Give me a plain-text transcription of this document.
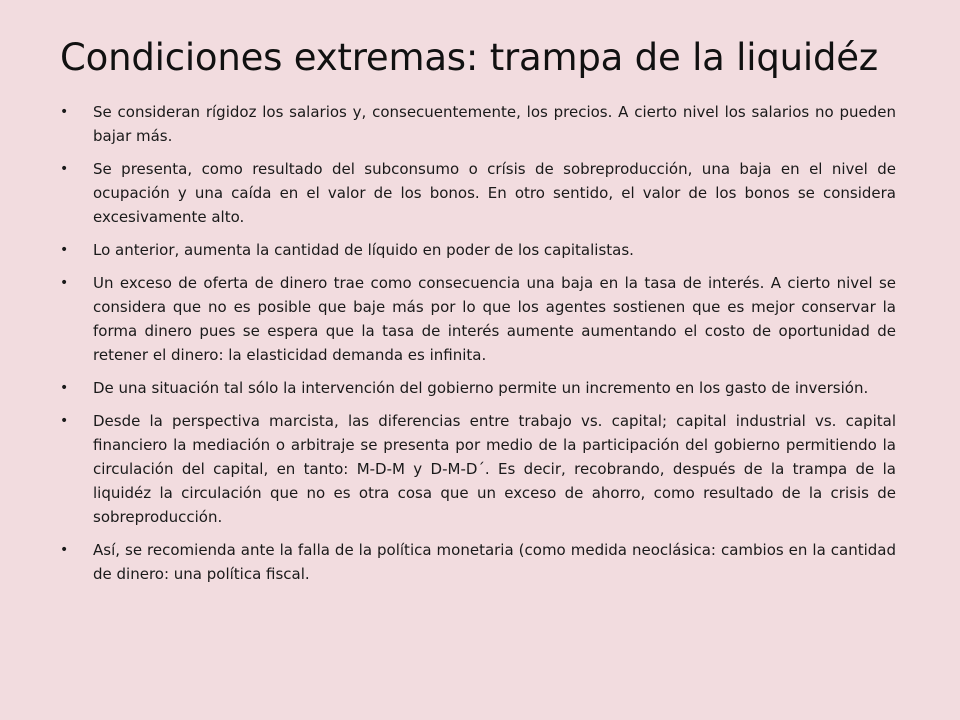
Condiciones extremas: trampa de la liquidéz
• Se consideran rígidoz los salarios y, consecuentemente, los precios. A cierto nivel los salarios no pueden bajar más.
• Se presenta, como resultado del subconsumo o crísis de sobreproducción, una baja en el nivel de ocupación y una caída en el valor de los bonos. En otro sentido, el valor de los bonos se considera excesivamente alto.
• Lo anterior, aumenta la cantidad de líquido en poder de los capitalistas.
• Un exceso de oferta de dinero trae como consecuencia una baja en la tasa de interés. A cierto nivel se considera que no es posible que baje más por lo que los agentes sostienen que es mejor conservar la forma dinero pues se espera que la tasa de interés aumente aumentando el costo de oportunidad de retener el dinero: la elasticidad demanda es infinita.
• De una situación tal sólo la intervención del gobierno permite un incremento en los gasto de inversión.
• Desde la perspectiva marcista, las diferencias entre trabajo vs. capital; capital industrial vs. capital financiero la mediación o arbitraje se presenta por medio de la participación del gobierno permitiendo la circulación del capital, en tanto: M-D-M y D-M-D´. Es decir, recobrando, después de la trampa de la liquidéz la circulación que no es otra cosa que un exceso de ahorro, como resultado de la crisis de sobreproducción.
• Así, se recomienda ante la falla de la política monetaria (como medida neoclásica: cambios en la cantidad de dinero: una política fiscal.
